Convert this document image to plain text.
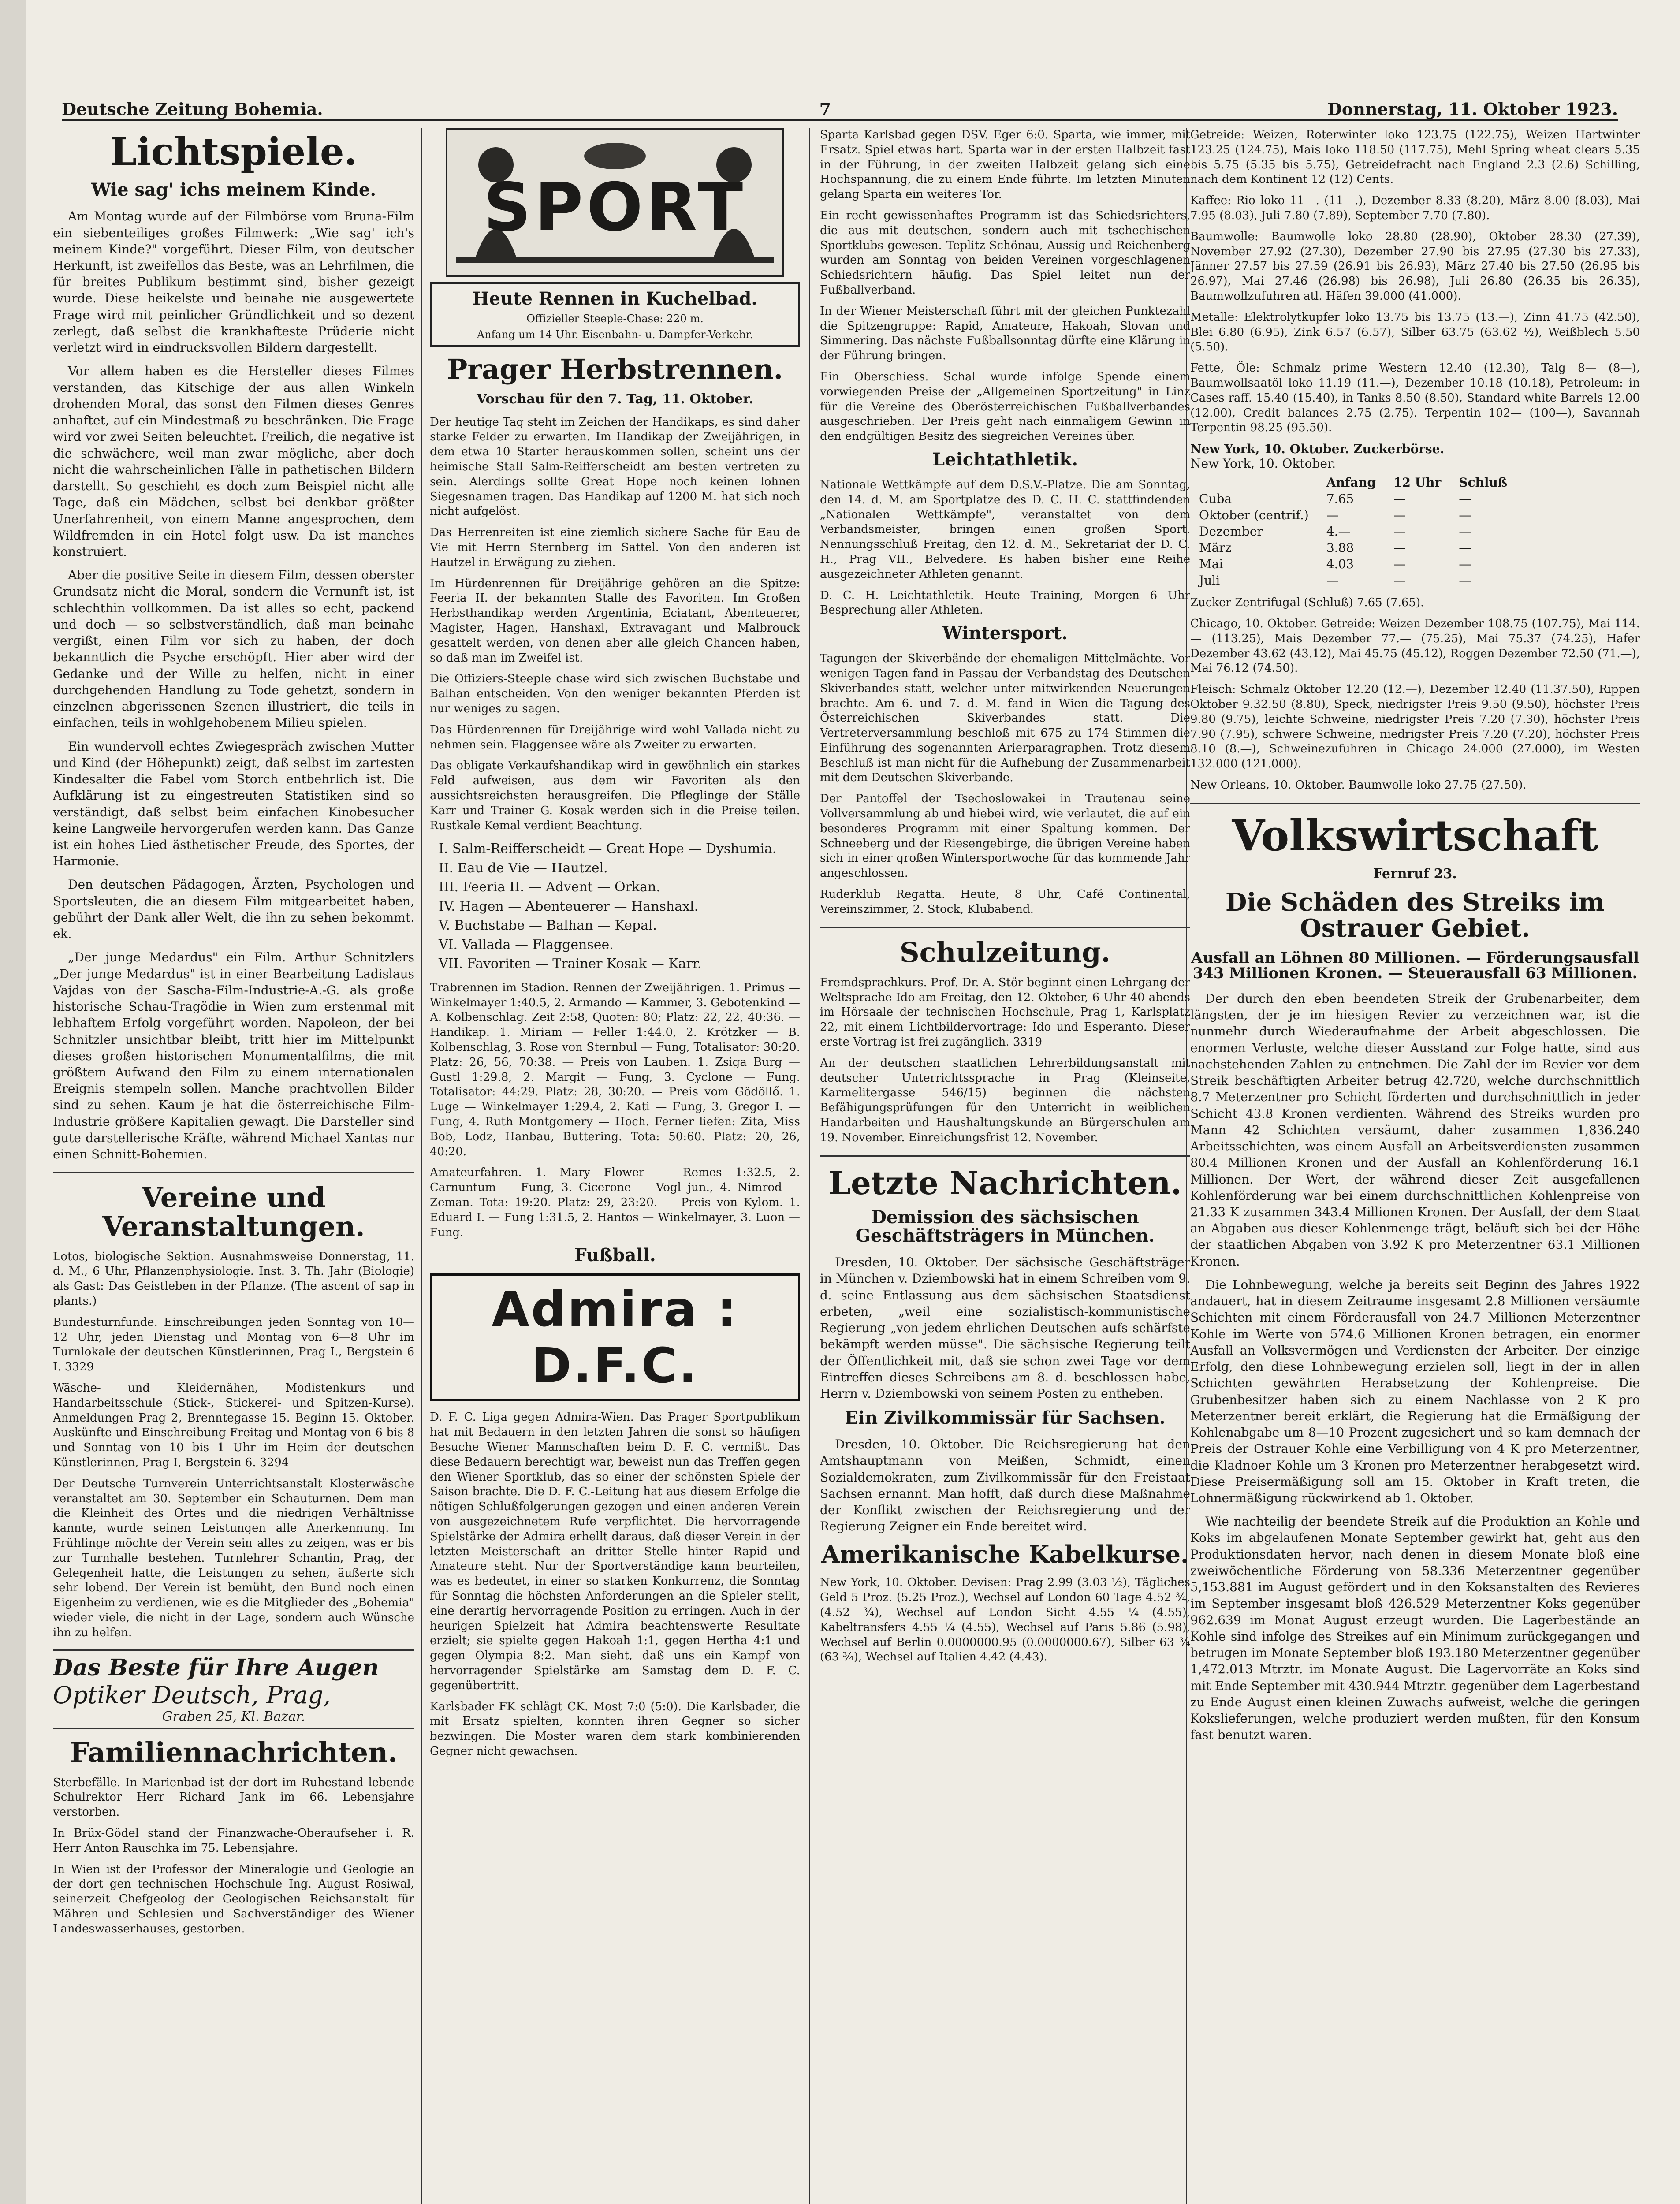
Deutsche Zeitung Bohemia.	7	Donnerstag, 11. Oktober 1923.
Lichtspiele.
Wie sag' ichs meinem Kinde.

Am Montag wurde auf der Filmbörse vom Bruna-Film ein siebenteiliges großes Filmwerk: „Wie sag' ich's meinem Kinde?" vorgeführt. Dieser Film, von deutscher Herkunft, ist zweifellos das Beste, was an Lehrfilmen, die für breites Publikum bestimmt sind, bisher gezeigt wurde. Diese heikelste und beinahe nie ausgewertete Frage wird mit peinlicher Gründlichkeit und so dezent zerlegt, daß selbst die krankhafteste Prüderie nicht verletzt wird in eindrucksvollen Bildern dargestellt.

Vor allem haben es die Hersteller dieses Filmes verstanden, das Kitschige der aus allen Winkeln drohenden Moral, das sonst den Filmen dieses Genres anhaftet, auf ein Mindestmaß zu beschränken. Die Frage wird vor zwei Seiten beleuchtet. Freilich, die negative ist die schwächere, weil man zwar mögliche, aber doch nicht die wahrscheinlichen Fälle in pathetischen Bildern darstellt. So geschieht es doch zum Beispiel nicht alle Tage, daß ein Mädchen, selbst bei denkbar größter Unerfahrenheit, von einem Manne angesprochen, dem Wildfremden in ein Hotel folgt usw. Da ist manches konstruiert.

Aber die positive Seite in diesem Film, dessen oberster Grundsatz nicht die Moral, sondern die Vernunft ist, ist schlechthin vollkommen. Da ist alles so echt, packend und doch — so selbstverständlich, daß man beinahe vergißt, einen Film vor sich zu haben, der doch bekanntlich die Psyche erschöpft. Hier aber wird der Gedanke und der Wille zu helfen, nicht in einer durchgehenden Handlung zu Tode gehetzt, sondern in einzelnen abgerissenen Szenen illustriert, die teils in einfachen, teils in wohlgehobenem Milieu spielen.

Ein wundervoll echtes Zwiegespräch zwischen Mutter und Kind (der Höhepunkt) zeigt, daß selbst im zartesten Kindesalter die Fabel vom Storch entbehrlich ist. Die Aufklärung ist zu eingestreuten Statistiken sind so verständigt, daß selbst beim einfachen Kinobesucher keine Langweile hervorgerufen werden kann. Das Ganze ist ein hohes Lied ästhetischer Freude, des Sportes, der Harmonie.

Den deutschen Pädagogen, Ärzten, Psychologen und Sportsleuten, die an diesem Film mitgearbeitet haben, gebührt der Dank aller Welt, die ihn zu sehen bekommt. ek.

„Der junge Medardus" ein Film. Arthur Schnitzlers „Der junge Medardus" ist in einer Bearbeitung Ladislaus Vajdas von der Sascha-Film-Industrie-A.-G. als große historische Schau-Tragödie in Wien zum erstenmal mit lebhaftem Erfolg vorgeführt worden. Napoleon, der bei Schnitzler unsichtbar bleibt, tritt hier im Mittelpunkt dieses großen historischen Monumentalfilms, die mit größtem Aufwand den Film zu einem internationalen Ereignis stempeln sollen. Manche prachtvollen Bilder sind zu sehen. Kaum je hat die österreichische Film-Industrie größere Kapitalien gewagt. Die Darsteller sind gute darstellerische Kräfte, während Michael Xantas nur einen Schnitt-Bohemien.

Vereine und Veranstaltungen.

Lotos, biologische Sektion. Ausnahmsweise Donnerstag, 11. d. M., 6 Uhr, Pflanzenphysiologie. Inst. 3. Th. Jahr (Biologie) als Gast: Das Geistleben in der Pflanze. (The ascent of sap in plants.)

Bundesturnfunde. Einschreibungen jeden Sonntag von 10—12 Uhr, jeden Dienstag und Montag von 6—8 Uhr im Turnlokale der deutschen Künstlerinnen, Prag I., Bergstein 6 I. 3329

Wäsche- und Kleidernähen, Modistenkurs und Handarbeitsschule (Stick-, Stickerei- und Spitzen-Kurse). Anmeldungen Prag 2, Brenntegasse 15. Beginn 15. Oktober. Auskünfte und Einschreibung Freitag und Montag von 6 bis 8 und Sonntag von 10 bis 1 Uhr im Heim der deutschen Künstlerinnen, Prag I, Bergstein 6. 3294

Der Deutsche Turnverein Unterrichtsanstalt Klosterwäsche veranstaltet am 30. September ein Schauturnen. Dem man die Kleinheit des Ortes und die niedrigen Verhältnisse kannte, wurde seinen Leistungen alle Anerkennung. Im Frühlinge möchte der Verein sein alles zu zeigen, was er bis zur Turnhalle bestehen. Turnlehrer Schantin, Prag, der Gelegenheit hatte, die Leistungen zu sehen, äußerte sich sehr lobend. Der Verein ist bemüht, den Bund noch einen Eigenheim zu verdienen, wie es die Mitglieder des „Bohemia" wieder viele, die nicht in der Lage, sondern auch Wünsche ihn zu helfen.

Das Beste für Ihre Augen
Optiker Deutsch, Prag,
Graben 25, Kl. Bazar.
Familiennachrichten.

Sterbefälle. In Marienbad ist der dort im Ruhestand lebende Schulrektor Herr Richard Jank im 66. Lebensjahre verstorben.

In Brüx-Gödel stand der Finanzwache-Oberaufseher i. R. Herr Anton Rauschka im 75. Lebensjahre.

In Wien ist der Professor der Mineralogie und Geologie an der dort gen technischen Hochschule Ing. August Rosiwal, seinerzeit Chefgeolog der Geologischen Reichsanstalt für Mähren und Schlesien und Sachverständiger des Wiener Landeswasserhauses, gestorben.

SPORT
Heute Rennen in Kuchelbad.
Offizieller Steeple-Chase: 220 m.
Anfang um 14 Uhr. Eisenbahn- u. Dampfer-Verkehr.
Prager Herbstrennen.
Vorschau für den 7. Tag, 11. Oktober.

Der heutige Tag steht im Zeichen der Handikaps, es sind daher starke Felder zu erwarten. Im Handikap der Zweijährigen, in dem etwa 10 Starter herauskommen sollen, scheint uns der heimische Stall Salm-Reifferscheidt am besten vertreten zu sein. Alerdings sollte Great Hope noch keinen lohnen Siegesnamen tragen. Das Handikap auf 1200 M. hat sich noch nicht aufgelöst.

Das Herrenreiten ist eine ziemlich sichere Sache für Eau de Vie mit Herrn Sternberg im Sattel. Von den anderen ist Hautzel in Erwägung zu ziehen.

Im Hürdenrennen für Dreijährige gehören an die Spitze: Feeria II. der bekannten Stalle des Favoriten. Im Großen Herbsthandikap werden Argentinia, Eciatant, Abenteuerer, Magister, Hagen, Hanshaxl, Extravagant und Malbrouck gesattelt werden, von denen aber alle gleich Chancen haben, so daß man im Zweifel ist.

Die Offiziers-Steeple chase wird sich zwischen Buchstabe und Balhan entscheiden. Von den weniger bekannten Pferden ist nur weniges zu sagen.

Das Hürdenrennen für Dreijährige wird wohl Vallada nicht zu nehmen sein. Flaggensee wäre als Zweiter zu erwarten.

Das obligate Verkaufshandikap wird in gewöhnlich ein starkes Feld aufweisen, aus dem wir Favoriten als den aussichtsreichsten herausgreifen. Die Pfleglinge der Ställe Karr und Trainer G. Kosak werden sich in die Preise teilen. Rustkale Kemal verdient Beachtung.

I. Salm-Reifferscheidt — Great Hope — Dyshumia.
II. Eau de Vie — Hautzel.
III. Feeria II. — Advent — Orkan.
IV. Hagen — Abenteuerer — Hanshaxl.
V. Buchstabe — Balhan — Kepal.
VI. Vallada — Flaggensee.
VII. Favoriten — Trainer Kosak — Karr.

Trabrennen im Stadion. Rennen der Zweijährigen. 1. Primus — Winkelmayer 1:40.5, 2. Armando — Kammer, 3. Gebotenkind — A. Kolbenschlag. Zeit 2:58, Quoten: 80; Platz: 22, 22, 40:36. — Handikap. 1. Miriam — Feller 1:44.0, 2. Krötzker — B. Kolbenschlag, 3. Rose von Sternbul — Fung, Totalisator: 30:20. Platz: 26, 56, 70:38. — Preis von Lauben. 1. Zsiga Burg — Gustl 1:29.8, 2. Margit — Fung, 3. Cyclone — Fung. Totalisator: 44:29. Platz: 28, 30:20. — Preis vom Gödöllő. 1. Luge — Winkelmayer 1:29.4, 2. Kati — Fung, 3. Gregor I. — Fung, 4. Ruth Montgomery — Hoch. Ferner liefen: Zita, Miss Bob, Lodz, Hanbau, Buttering. Tota: 50:60. Platz: 20, 26, 40:20.

Amateurfahren. 1. Mary Flower — Remes 1:32.5, 2. Carnuntum — Fung, 3. Cicerone — Vogl jun., 4. Nimrod — Zeman. Tota: 19:20. Platz: 29, 23:20. — Preis von Kylom. 1. Eduard I. — Fung 1:31.5, 2. Hantos — Winkelmayer, 3. Luon — Fung.

Fußball.
Admira : D.F.C.

D. F. C. Liga gegen Admira-Wien. Das Prager Sportpublikum hat mit Bedauern in den letzten Jahren die sonst so häufigen Besuche Wiener Mannschaften beim D. F. C. vermißt. Das diese Bedauern berechtigt war, beweist nun das Treffen gegen den Wiener Sportklub, das so einer der schönsten Spiele der Saison brachte. Die D. F. C.-Leitung hat aus diesem Erfolge die nötigen Schlußfolgerungen gezogen und einen anderen Verein von ausgezeichnetem Rufe verpflichtet. Die hervorragende Spielstärke der Admira erhellt daraus, daß dieser Verein in der letzten Meisterschaft an dritter Stelle hinter Rapid und Amateure steht. Nur der Sportverständige kann beurteilen, was es bedeutet, in einer so starken Konkurrenz, die Sonntag für Sonntag die höchsten Anforderungen an die Spieler stellt, eine derartig hervorragende Position zu erringen. Auch in der heurigen Spielzeit hat Admira beachtenswerte Resultate erzielt; sie spielte gegen Hakoah 1:1, gegen Hertha 4:1 und gegen Olympia 8:2. Man sieht, daß uns ein Kampf von hervorragender Spielstärke am Samstag dem D. F. C. gegenübertritt.

Karlsbader FK schlägt CK. Most 7:0 (5:0). Die Karlsbader, die mit Ersatz spielten, konnten ihren Gegner so sicher bezwingen. Die Moster waren dem stark kombinierenden Gegner nicht gewachsen.

Sparta Karlsbad gegen DSV. Eger 6:0. Sparta, wie immer, mit Ersatz. Spiel etwas hart. Sparta war in der ersten Halbzeit fast in der Führung, in der zweiten Halbzeit gelang sich eine Hochspannung, die zu einem Ende führte. Im letzten Minuten gelang Sparta ein weiteres Tor.

Ein recht gewissenhaftes Programm ist das Schiedsrichters, die aus mit deutschen, sondern auch mit tschechischen Sportklubs gewesen. Teplitz-Schönau, Aussig und Reichenberg wurden am Sonntag von beiden Vereinen vorgeschlagenen Schiedsrichtern häufig. Das Spiel leitet nun der Fußballverband.

In der Wiener Meisterschaft führt mit der gleichen Punktezahl die Spitzengruppe: Rapid, Amateure, Hakoah, Slovan und Simmering. Das nächste Fußballsonntag dürfte eine Klärung in der Führung bringen.

Ein Oberschiess. Schal wurde infolge Spende einem vorwiegenden Preise der „Allgemeinen Sportzeitung" in Linz für die Vereine des Oberösterreichischen Fußballverbandes ausgeschrieben. Der Preis geht nach einmaligem Gewinn in den endgültigen Besitz des siegreichen Vereines über.

Leichtathletik.

Nationale Wettkämpfe auf dem D.S.V.-Platze. Die am Sonntag, den 14. d. M. am Sportplatze des D. C. H. C. stattfindenden „Nationalen Wettkämpfe", veranstaltet von dem Verbandsmeister, bringen einen großen Sport. Nennungsschluß Freitag, den 12. d. M., Sekretariat der D. C. H., Prag VII., Belvedere. Es haben bisher eine Reihe ausgezeichneter Athleten genannt.

D. C. H. Leichtathletik. Heute Training, Morgen 6 Uhr Besprechung aller Athleten.

Wintersport.

Tagungen der Skiverbände der ehemaligen Mittelmächte. Vor wenigen Tagen fand in Passau der Verbandstag des Deutschen Skiverbandes statt, welcher unter mitwirkenden Neuerungen brachte. Am 6. und 7. d. M. fand in Wien die Tagung des Österreichischen Skiverbandes statt. Die Vertreterversammlung beschloß mit 675 zu 174 Stimmen die Einführung des sogenannten Arierparagraphen. Trotz diesem Beschluß ist man nicht für die Aufhebung der Zusammenarbeit mit dem Deutschen Skiverbande.

Der Pantoffel der Tsechoslowakei in Trautenau seine Vollversammlung ab und hiebei wird, wie verlautet, die auf ein besonderes Programm mit einer Spaltung kommen. Der Schneeberg und der Riesengebirge, die übrigen Vereine haben sich in einer großen Wintersportwoche für das kommende Jahr angeschlossen.

Ruderklub Regatta. Heute, 8 Uhr, Café Continental, Vereinszimmer, 2. Stock, Klubabend.

Schulzeitung.

Fremdsprachkurs. Prof. Dr. A. Stör beginnt einen Lehrgang der Weltsprache Ido am Freitag, den 12. Oktober, 6 Uhr 40 abends im Hörsaale der technischen Hochschule, Prag 1, Karlsplatz 22, mit einem Lichtbildervortrage: Ido und Esperanto. Dieser erste Vortrag ist frei zugänglich. 3319

An der deutschen staatlichen Lehrerbildungsanstalt mit deutscher Unterrichtssprache in Prag (Kleinseite, Karmelitergasse 546/15) beginnen die nächsten Befähigungsprüfungen für den Unterricht in weiblichen Handarbeiten und Haushaltungskunde an Bürgerschulen am 19. November. Einreichungsfrist 12. November.

Letzte Nachrichten.
Demission des sächsischen Geschäftsträgers in München.

Dresden, 10. Oktober. Der sächsische Geschäftsträger in München v. Dziembowski hat in einem Schreiben vom 9. d. seine Entlassung aus dem sächsischen Staatsdienst erbeten, „weil eine sozialistisch-kommunistische Regierung „von jedem ehrlichen Deutschen aufs schärfste bekämpft werden müsse". Die sächsische Regierung teilt der Öffentlichkeit mit, daß sie schon zwei Tage vor dem Eintreffen dieses Schreibens am 8. d. beschlossen habe, Herrn v. Dziembowski von seinem Posten zu entheben.

Ein Zivilkommissär für Sachsen.

Dresden, 10. Oktober. Die Reichsregierung hat den Amtshauptmann von Meißen, Schmidt, einen Sozialdemokraten, zum Zivilkommissär für den Freistaat Sachsen ernannt. Man hofft, daß durch diese Maßnahme der Konflikt zwischen der Reichsregierung und der Regierung Zeigner ein Ende bereitet wird.

Amerikanische Kabelkurse.

New York, 10. Oktober. Devisen: Prag 2.99 (3.03 ½), Tägliches Geld 5 Proz. (5.25 Proz.), Wechsel auf London 60 Tage 4.52 ¾, (4.52 ¾), Wechsel auf London Sicht 4.55 ¼ (4.55), Kabeltransfers 4.55 ¼ (4.55), Wechsel auf Paris 5.86 (5.98), Wechsel auf Berlin 0.0000000.95 (0.0000000.67), Silber 63 ¾ (63 ¾), Wechsel auf Italien 4.42 (4.43).

Getreide: Weizen, Roterwinter loko 123.75 (122.75), Weizen Hartwinter 123.25 (124.75), Mais loko 118.50 (117.75), Mehl Spring wheat clears 5.35 bis 5.75 (5.35 bis 5.75), Getreidefracht nach England 2.3 (2.6) Schilling, nach dem Kontinent 12 (12) Cents.

Kaffee: Rio loko 11—. (11—.), Dezember 8.33 (8.20), März 8.00 (8.03), Mai 7.95 (8.03), Juli 7.80 (7.89), September 7.70 (7.80).

Baumwolle: Baumwolle loko 28.80 (28.90), Oktober 28.30 (27.39), November 27.92 (27.30), Dezember 27.90 bis 27.95 (27.30 bis 27.33), Jänner 27.57 bis 27.59 (26.91 bis 26.93), März 27.40 bis 27.50 (26.95 bis 26.97), Mai 27.46 (26.98) bis 26.98), Juli 26.80 (26.35 bis 26.35), Baumwollzufuhren atl. Häfen 39.000 (41.000).

Metalle: Elektrolytkupfer loko 13.75 bis 13.75 (13.—), Zinn 41.75 (42.50), Blei 6.80 (6.95), Zink 6.57 (6.57), Silber 63.75 (63.62 ½), Weißblech 5.50 (5.50).

Fette, Öle: Schmalz prime Western 12.40 (12.30), Talg 8— (8—), Baumwollsaatöl loko 11.19 (11.—), Dezember 10.18 (10.18), Petroleum: in Cases raff. 15.40 (15.40), in Tanks 8.50 (8.50), Standard white Barrels 12.00 (12.00), Credit balances 2.75 (2.75). Terpentin 102— (100—), Savannah Terpentin 98.25 (95.50).

New York, 10. Oktober. Zuckerbörse.
New York, 10. Oktober.
	Anfang	12 Uhr	Schluß
Cuba	7.65	—	—
Oktober (centrif.)	—	—	—
Dezember	4.—	—	—
März	3.88	—	—
Mai	4.03	—	—
Juli	—	—	—

Zucker Zentrifugal (Schluß) 7.65 (7.65).

Chicago, 10. Oktober. Getreide: Weizen Dezember 108.75 (107.75), Mai 114.— (113.25), Mais Dezember 77.— (75.25), Mai 75.37 (74.25), Hafer Dezember 43.62 (43.12), Mai 45.75 (45.12), Roggen Dezember 72.50 (71.—), Mai 76.12 (74.50).

Fleisch: Schmalz Oktober 12.20 (12.—), Dezember 12.40 (11.37.50), Rippen Oktober 9.32.50 (8.80), Speck, niedrigster Preis 9.50 (9.50), höchster Preis 9.80 (9.75), leichte Schweine, niedrigster Preis 7.20 (7.30), höchster Preis 7.90 (7.95), schwere Schweine, niedrigster Preis 7.20 (7.20), höchster Preis 8.10 (8.—), Schweinezufuhren in Chicago 24.000 (27.000), im Westen 132.000 (121.000).

New Orleans, 10. Oktober. Baumwolle loko 27.75 (27.50).

Volkswirtschaft
Fernruf 23.
Die Schäden des Streiks im Ostrauer Gebiet.
Ausfall an Löhnen 80 Millionen. — Förderungsausfall 343 Millionen Kronen. — Steuerausfall 63 Millionen.

Der durch den eben beendeten Streik der Grubenarbeiter, dem längsten, der je im hiesigen Revier zu verzeichnen war, ist die nunmehr durch Wiederaufnahme der Arbeit abgeschlossen. Die enormen Verluste, welche dieser Ausstand zur Folge hatte, sind aus nachstehenden Zahlen zu entnehmen. Die Zahl der im Revier vor dem Streik beschäftigten Arbeiter betrug 42.720, welche durchschnittlich 8.7 Meterzentner pro Schicht förderten und durchschnittlich in jeder Schicht 43.8 Kronen verdienten. Während des Streiks wurden pro Mann 42 Schichten versäumt, daher zusammen 1,836.240 Arbeitsschichten, was einem Ausfall an Arbeitsverdiensten zusammen 80.4 Millionen Kronen und der Ausfall an Kohlenförderung 16.1 Millionen. Der Wert, der während dieser Zeit ausgefallenen Kohlenförderung war bei einem durchschnittlichen Kohlenpreise von 21.33 K zusammen 343.4 Millionen Kronen. Der Ausfall, der dem Staat an Abgaben aus dieser Kohlenmenge trägt, beläuft sich bei der Höhe der staatlichen Abgaben von 3.92 K pro Meterzentner 63.1 Millionen Kronen.

Die Lohnbewegung, welche ja bereits seit Beginn des Jahres 1922 andauert, hat in diesem Zeitraume insgesamt 2.8 Millionen versäumte Schichten mit einem Förderausfall von 24.7 Millionen Meterzentner Kohle im Werte von 574.6 Millionen Kronen betragen, ein enormer Ausfall an Volksvermögen und Verdiensten der Arbeiter. Der einzige Erfolg, den diese Lohnbewegung erzielen soll, liegt in der in allen Schichten gewährten Herabsetzung der Kohlenpreise. Die Grubenbesitzer haben sich zu einem Nachlasse von 2 K pro Meterzentner bereit erklärt, die Regierung hat die Ermäßigung der Kohlenabgabe um 8—10 Prozent zugesichert und so kam demnach der Preis der Ostrauer Kohle eine Verbilligung von 4 K pro Meterzentner, die Kladnoer Kohle um 3 Kronen pro Meterzentner herabgesetzt wird. Diese Preisermäßigung soll am 15. Oktober in Kraft treten, die Lohnermäßigung rückwirkend ab 1. Oktober.

Wie nachteilig der beendete Streik auf die Produktion an Kohle und Koks im abgelaufenen Monate September gewirkt hat, geht aus den Produktionsdaten hervor, nach denen in diesem Monate bloß eine zweiwöchentliche Förderung von 58.336 Meterzentner gegenüber 5,153.881 im August gefördert und in den Koksanstalten des Revieres im September insgesamt bloß 426.529 Meterzentner Koks gegenüber 962.639 im Monat August erzeugt wurden. Die Lagerbestände an Kohle sind infolge des Streikes auf ein Minimum zurückgegangen und betrugen im Monate September bloß 193.180 Meterzentner gegenüber 1,472.013 Mtrztr. im Monate August. Die Lagervorräte an Koks sind mit Ende September mit 430.944 Mtrztr. gegenüber dem Lagerbestand zu Ende August einen kleinen Zuwachs aufweist, welche die geringen Kokslieferungen, welche produziert werden mußten, für den Konsum fast benutzt waren.
